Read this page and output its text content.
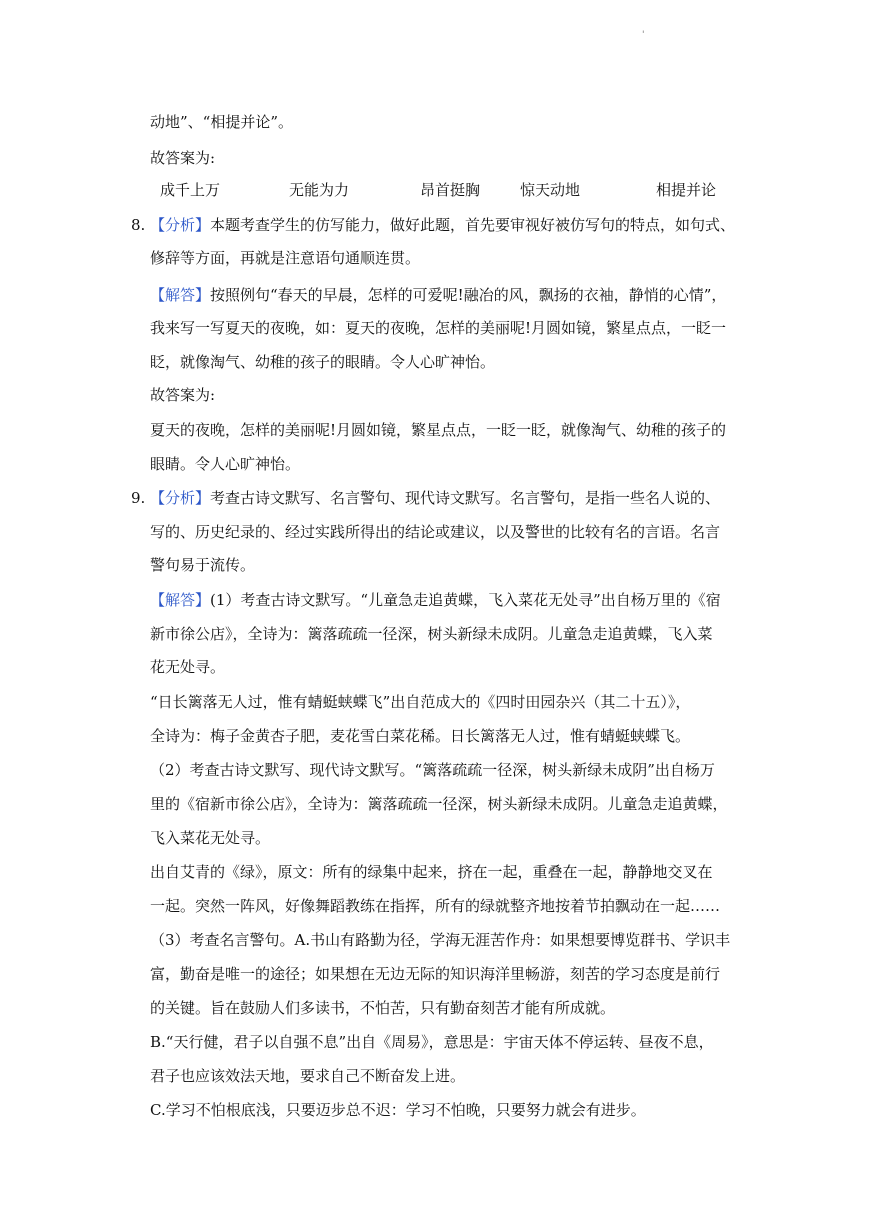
'
动地”、“相提并论”。
故答案为:
成千上万	无能为力	昂首挺胸	惊天动地	相提并论
8. 【分析】本题考查学生的仿写能力，做好此题，首先要审视好被仿写句的特点，如句式、
修辞等方面，再就是注意语句通顺连贯。
【解答】按照例句“春天的早晨，怎样的可爱呢!融冶的风，飘扬的衣袖，静悄的心情”，
我来写一写夏天的夜晚，如：夏天的夜晚，怎样的美丽呢!月圆如镜，繁星点点，一眨一
眨，就像淘气、幼稚的孩子的眼睛。令人心旷神怡。
故答案为:
夏天的夜晚，怎样的美丽呢!月圆如镜，繁星点点，一眨一眨，就像淘气、幼稚的孩子的
眼睛。令人心旷神怡。
9. 【分析】考查古诗文默写、名言警句、现代诗文默写。名言警句，是指一些名人说的、
写的、历史纪录的、经过实践所得出的结论或建议，以及警世的比较有名的言语。名言
警句易于流传。
【解答】(1）考查古诗文默写。“儿童急走追黄蝶，飞入菜花无处寻”出自杨万里的《宿
新市徐公店》，全诗为：篱落疏疏一径深，树头新绿未成阴。儿童急走追黄蝶，飞入菜
花无处寻。
“日长篱落无人过，惟有蜻蜓蛱蝶飞”出自范成大的《四时田园杂兴（其二十五）》，
全诗为：梅子金黄杏子肥，麦花雪白菜花稀。日长篱落无人过，惟有蜻蜓蛱蝶飞。
（2）考查古诗文默写、现代诗文默写。“篱落疏疏一径深，树头新绿未成阴”出自杨万
里的《宿新市徐公店》，全诗为：篱落疏疏一径深，树头新绿未成阴。儿童急走追黄蝶，
飞入菜花无处寻。
出自艾青的《绿》，原文：所有的绿集中起来，挤在一起，重叠在一起，静静地交叉在
一起。突然一阵风，好像舞蹈教练在指挥，所有的绿就整齐地按着节拍飘动在一起……
（3）考查名言警句。A.书山有路勤为径，学海无涯苦作舟：如果想要博览群书、学识丰
富，勤奋是唯一的途径；如果想在无边无际的知识海洋里畅游，刻苦的学习态度是前行
的关键。旨在鼓励人们多读书，不怕苦，只有勤奋刻苦才能有所成就。
B.“天行健，君子以自强不息”出自《周易》，意思是：宇宙天体不停运转、昼夜不息，
君子也应该效法天地，要求自己不断奋发上进。
C.学习不怕根底浅，只要迈步总不迟：学习不怕晚，只要努力就会有进步。
